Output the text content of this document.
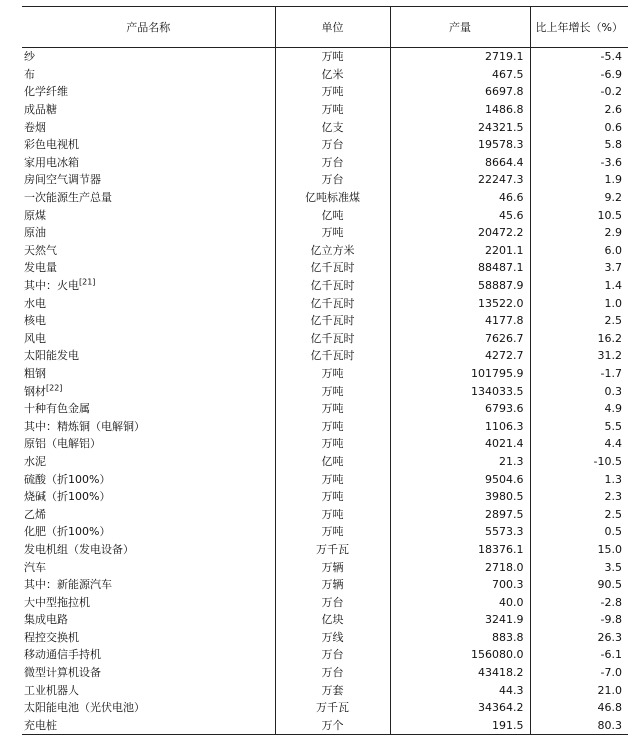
产品名称	单位	产量	比上年增长（%）
纱	万吨	2719.1	-5.4
布	亿米	467.5	-6.9
化学纤维	万吨	6697.8	-0.2
成品糖	万吨	1486.8	2.6
卷烟	亿支	24321.5	0.6
彩色电视机	万台	19578.3	5.8
家用电冰箱	万台	8664.4	-3.6
房间空气调节器	万台	22247.3	1.9
一次能源生产总量	亿吨标准煤	46.6	9.2
原煤	亿吨	45.6	10.5
原油	万吨	20472.2	2.9
天然气	亿立方米	2201.1	6.0
发电量	亿千瓦时	88487.1	3.7
其中：火电[21]	亿千瓦时	58887.9	1.4
水电	亿千瓦时	13522.0	1.0
核电	亿千瓦时	4177.8	2.5
风电	亿千瓦时	7626.7	16.2
太阳能发电	亿千瓦时	4272.7	31.2
粗钢	万吨	101795.9	-1.7
钢材[22]	万吨	134033.5	0.3
十种有色金属	万吨	6793.6	4.9
其中：精炼铜（电解铜）	万吨	1106.3	5.5
原铝（电解铝）	万吨	4021.4	4.4
水泥	亿吨	21.3	-10.5
硫酸（折100%）	万吨	9504.6	1.3
烧碱（折100%）	万吨	3980.5	2.3
乙烯	万吨	2897.5	2.5
化肥（折100%）	万吨	5573.3	0.5
发电机组（发电设备）	万千瓦	18376.1	15.0
汽车	万辆	2718.0	3.5
其中：新能源汽车	万辆	700.3	90.5
大中型拖拉机	万台	40.0	-2.8
集成电路	亿块	3241.9	-9.8
程控交换机	万线	883.8	26.3
移动通信手持机	万台	156080.0	-6.1
微型计算机设备	万台	43418.2	-7.0
工业机器人	万套	44.3	21.0
太阳能电池（光伏电池）	万千瓦	34364.2	46.8
充电桩	万个	191.5	80.3
